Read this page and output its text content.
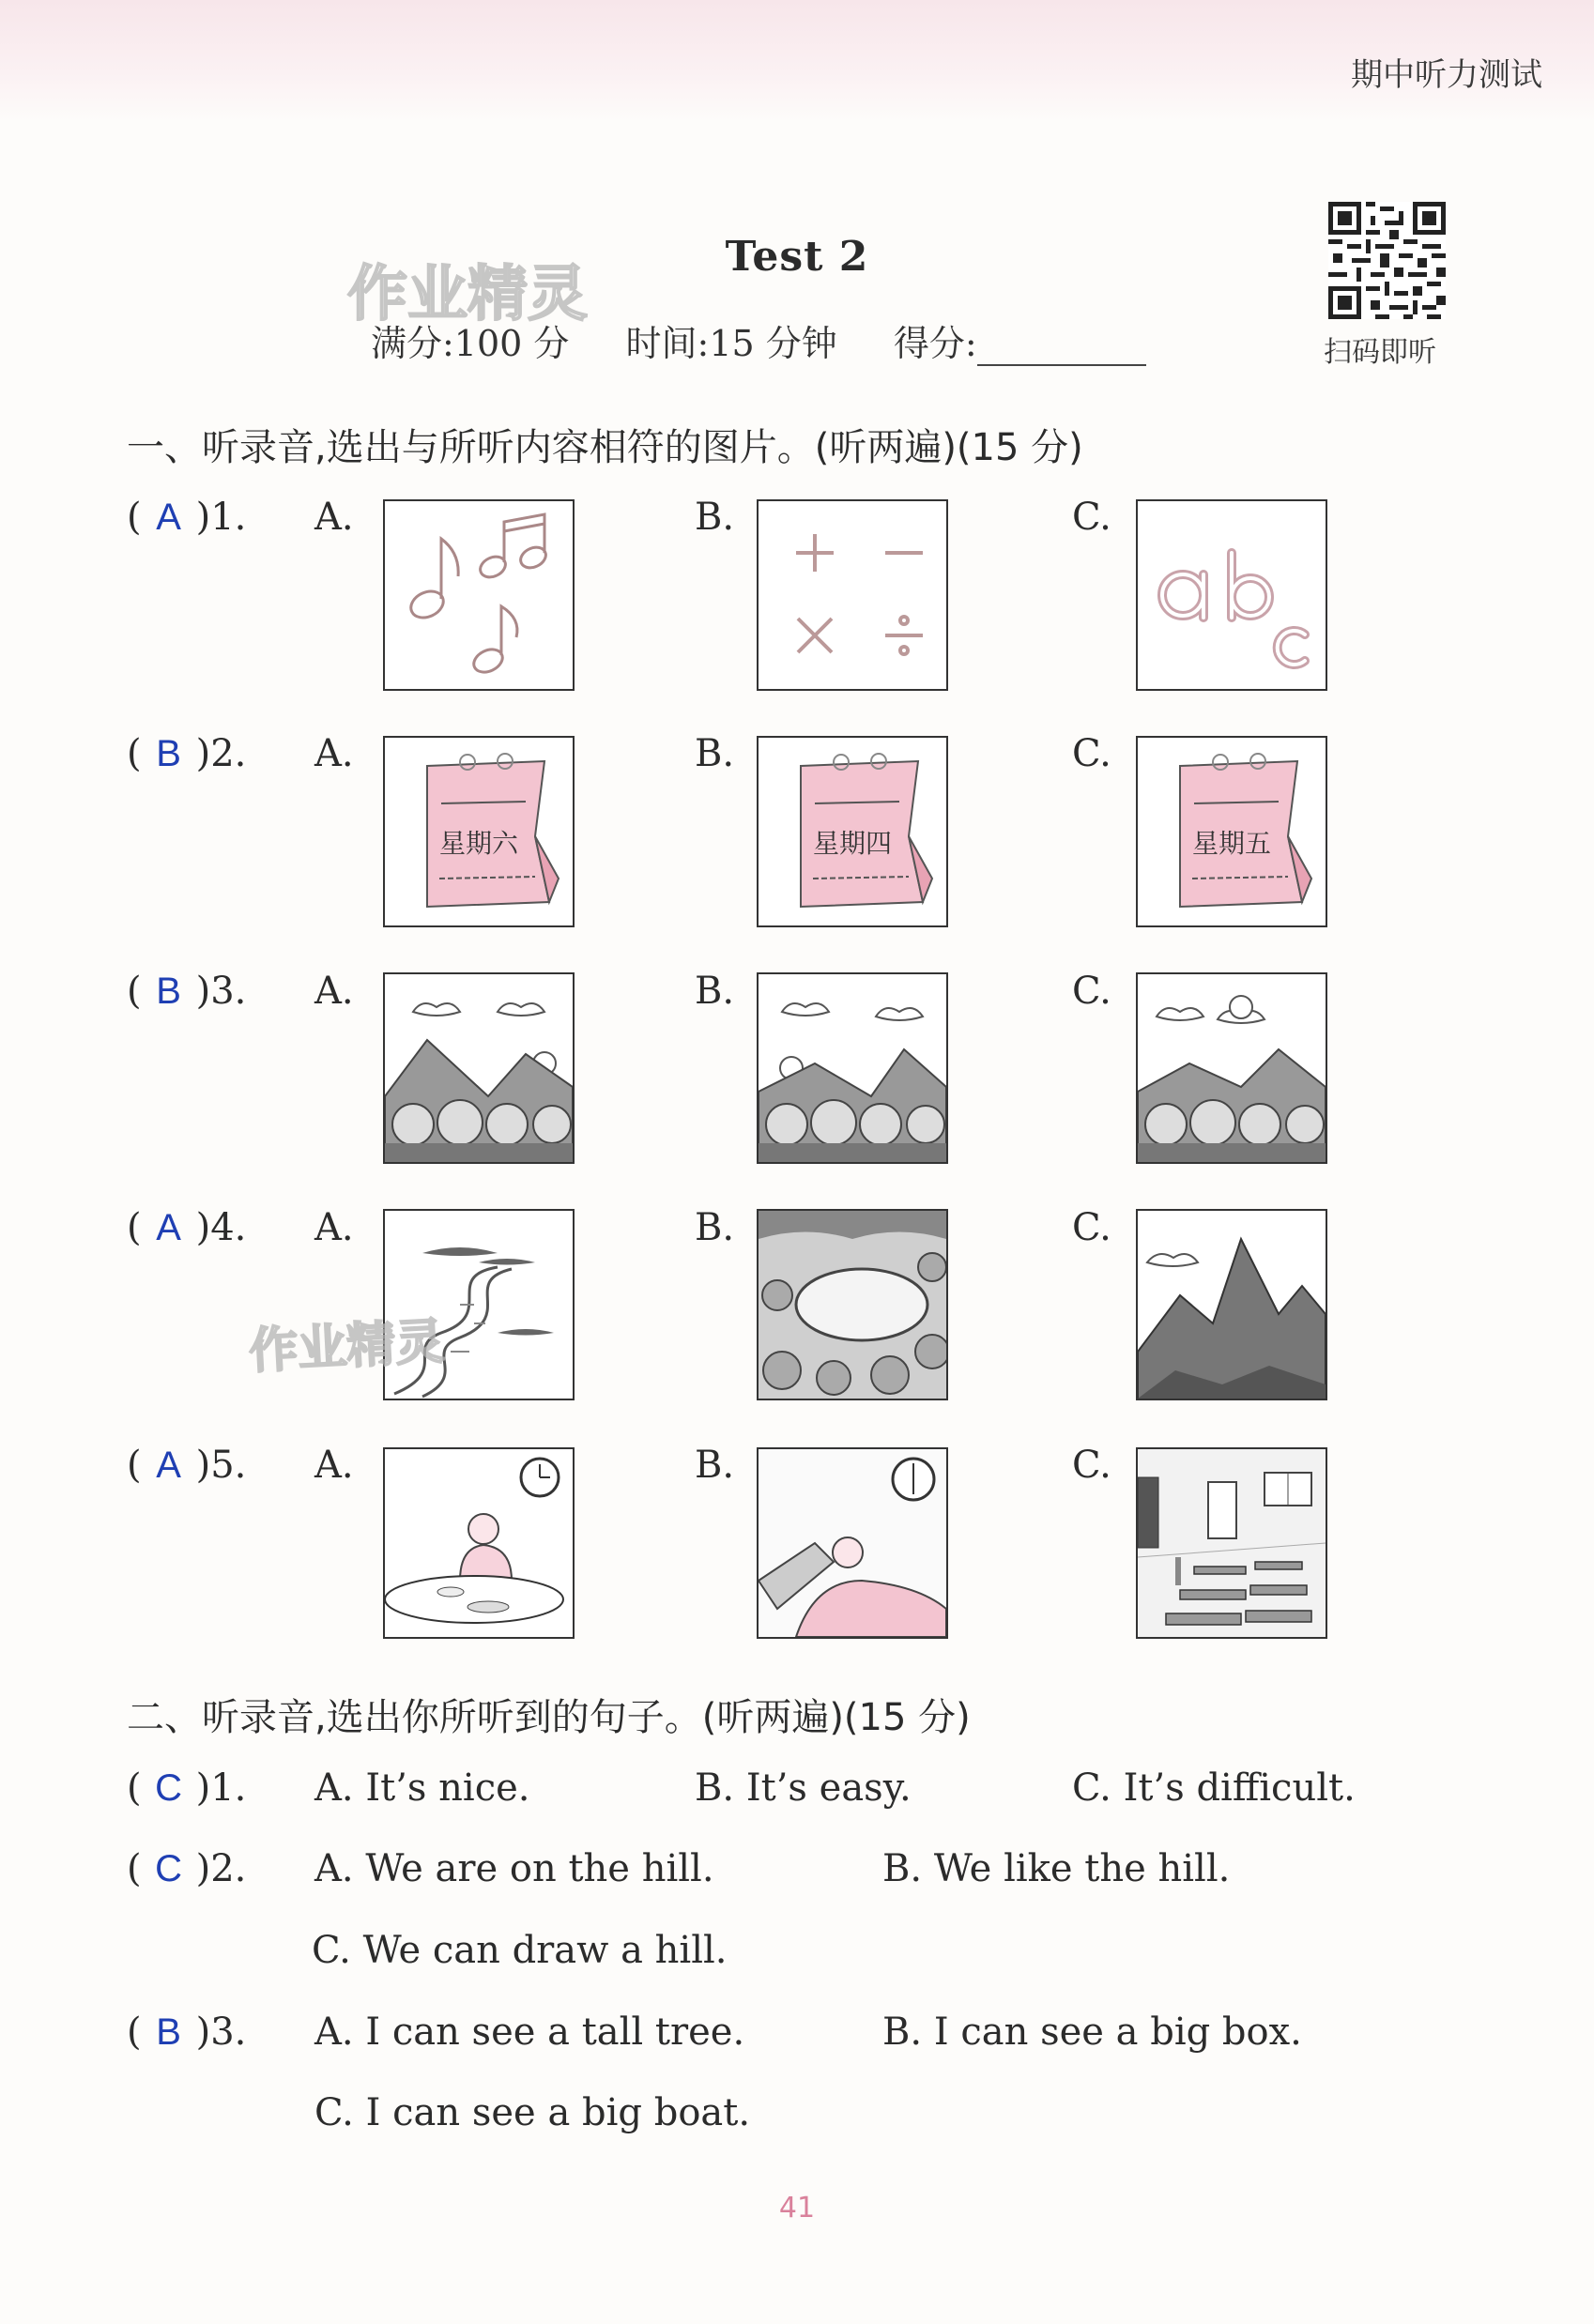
期中听力测试
作业精灵
Test 2
满分:100 分 时间:15 分钟 得分:	扫码即听
一、听录音,选出与所听内容相符的图片。(听两遍)(15 分)
( A )1. A.	B.	C.
( B )2. A.	B.	C.
星期六	星期四	星期五
( B )3. A.	B.	C.
( A )4. A.	B.	C.
作业精灵
( A )5. A.	B.	C.
二、听录音,选出你所听到的句子。(听两遍)(15 分)
( C )1. A. It’s nice.	B. It’s easy.	C. It’s difficult.
( C )2. A. We are on the hill.	B. We like the hill.
C. We can draw a hill.
( B )3. A. I can see a tall tree.	B. I can see a big box.
C. I can see a big boat.
41
